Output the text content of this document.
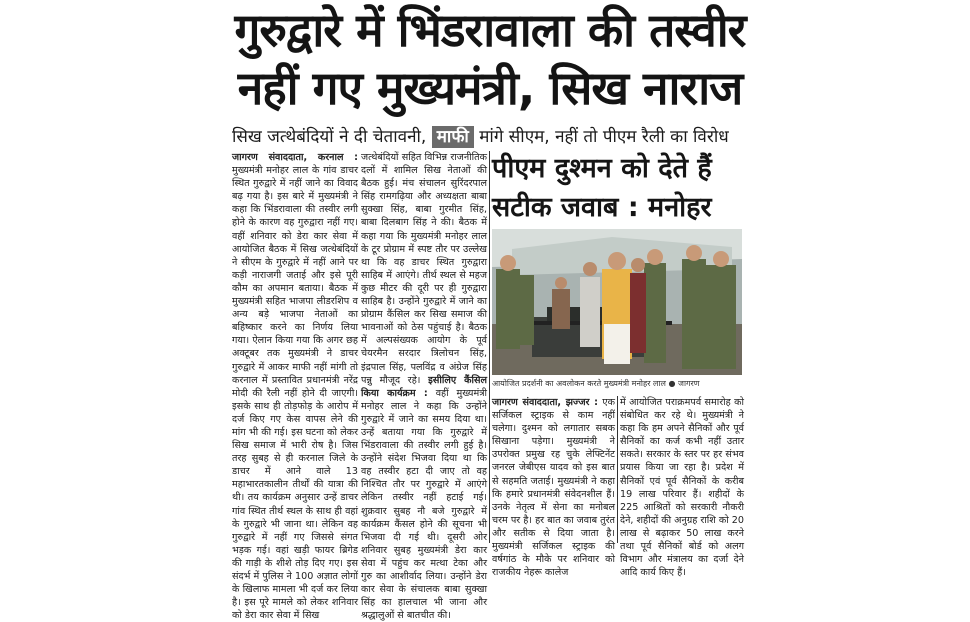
गुरुद्वारे में भिंडरावाला की तस्वीर
नहीं गए मुख्यमंत्री, सिख नाराज
सिख जत्थेबंदियों ने दी चेतावनी, माफी मांगे सीएम, नहीं तो पीएम रैली का विरोध
जागरण संवाददाता, करनाल : मुख्यमंत्री मनोहर लाल के गांव डाचर स्थित गुरुद्वारे में नहीं जाने का विवाद बढ़ गया है। इस बारे में मुख्यमंत्री ने कहा कि भिंडरावाला की तस्वीर लगी होने के कारण वह गुरुद्वारा नहीं गए। वहीं शनिवार को डेरा कार सेवा में आयोजित बैठक में सिख जत्थेबंदियों ने सीएम के गुरुद्वारे में नहीं आने पर कड़ी नाराजगी जताई और इसे पूरी कौम का अपमान बताया। बैठक में मुख्यमंत्री सहित भाजपा लीडरशिप व अन्य बड़े भाजपा नेताओं का बहिष्कार करने का निर्णय लिया गया। ऐलान किया गया कि अगर छह अक्टूबर तक मुख्यमंत्री ने डाचर गुरुद्वारे में आकर माफी नहीं मांगी तो करनाल में प्रस्तावित प्रधानमंत्री नरेंद्र मोदी की रैली नहीं होने दी जाएगी। इसके साथ ही तोड़फोड़ के आरोप में दर्ज किए गए केस वापस लेने की मांग भी की गई। इस घटना को लेकर सिख समाज में भारी रोष है। जिस तरह सुबह से ही करनाल जिले के डाचर में आने वाले 13 महाभारतकालीन तीर्थों की यात्रा की थी। तय कार्यक्रम अनुसार उन्हें डाचर गांव स्थित तीर्थ स्थल के साथ ही वहां के गुरुद्वारे भी जाना था। लेकिन वह गुरुद्वारे में नहीं गए जिससे संगत भड़क गई। वहां खड़ी फायर ब्रिगेड की गाड़ी के शीशे तोड़ दिए गए। इस संदर्भ में पुलिस ने 100 अज्ञात लोगों के खिलाफ मामला भी दर्ज कर लिया है। इस पूरे मामले को लेकर शनिवार को डेरा कार सेवा में सिख
जत्थेबंदियों सहित विभिन्न राजनीतिक दलों में शामिल सिख नेताओं की बैठक हुई। मंच संचालन सुरिंदरपाल सिंह रामगढ़िया और अध्यक्षता बाबा सुक्खा सिंह, बाबा गुरमीत सिंह, बाबा दिलबाग सिंह ने की। बैठक में कहा गया कि मुख्यमंत्री मनोहर लाल के टूर प्रोग्राम में स्पष्ट तौर पर उल्लेख था कि वह डाचर स्थित गुरुद्वारा साहिब में आएंगे। तीर्थ स्थल से महज कुछ मीटर की दूरी पर ही गुरुद्वारा साहिब है। उन्होंने गुरुद्वारे में जाने का प्रोग्राम कैंसिल कर सिख समाज की भावनाओं को ठेस पहुंचाई है। बैठक में अल्पसंख्यक आयोग के पूर्व चेयरमैन सरदार त्रिलोचन सिंह, इंद्रपाल सिंह, पलविंद्र व अंग्रेज सिंह पन्नु मौजूद रहे। इसीलिए कैंसिल किया कार्यक्रम : वहीं मुख्यमंत्री मनोहर लाल ने कहा कि उन्होंने गुरुद्वारे में जाने का समय दिया था। उन्हें बताया गया कि गुरुद्वारे में भिंडरावाला की तस्वीर लगी हुई है। उन्होंने संदेश भिजवा दिया था कि वह तस्वीर हटा दी जाए तो वह निश्चित तौर पर गुरुद्वारे में आएंगे लेकिन तस्वीर नहीं हटाई गई। शुक्रवार सुबह नौ बजे गुरुद्वारे में कार्यक्रम कैंसल होने की सूचना भी भिजवा दी गई थी। दूसरी ओर शनिवार सुबह मुख्यमंत्री डेरा कार सेवा में पहुंच कर मत्था टेका और गुरु का आशीर्वाद लिया। उन्होंने डेरा कार सेवा के संचालक बाबा सुक्खा सिंह का हालचाल भी जाना और श्रद्धालुओं से बातचीत की।
पीएम दुश्मन को देते हैं
सटीक जवाब : मनोहर
आयोजित प्रदर्शनी का अवलोकन करते मुख्यमंत्री मनोहर लाल ● जागरण
जागरण संवाददाता, झज्जर : एक सर्जिकल स्ट्राइक से काम नहीं चलेगा। दुश्मन को लगातार सबक सिखाना पड़ेगा। मुख्यमंत्री ने उपरोक्त प्रमुख रह चुके लेफ्टिनेंट जनरल जेबीएस यादव को इस बात से सहमति जताई। मुख्यमंत्री ने कहा कि हमारे प्रधानमंत्री संवेदनशील हैं। उनके नेतृत्व में सेना का मनोबल चरम पर है। हर बात का जवाब तुरंत और सतीक से दिया जाता है। मुख्यमंत्री सर्जिकल स्ट्राइक की वर्षगांठ के मौके पर शनिवार को राजकीय नेहरू कालेज
में आयोजित पराक्रमपर्व समारोह को संबोधित कर रहे थे। मुख्यमंत्री ने कहा कि हम अपने सैनिकों और पूर्व सैनिकों का कर्ज कभी नहीं उतार सकते। सरकार के स्तर पर हर संभव प्रयास किया जा रहा है। प्रदेश में सैनिकों एवं पूर्व सैनिकों के करीब 19 लाख परिवार हैं। शहीदों के 225 आश्रितों को सरकारी नौकरी देने, शहीदों की अनुग्रह राशि को 20 लाख से बढ़ाकर 50 लाख करने तथा पूर्व सैनिकों बोर्ड को अलग विभाग और मंत्रालय का दर्जा देने आदि कार्य किए हैं।
